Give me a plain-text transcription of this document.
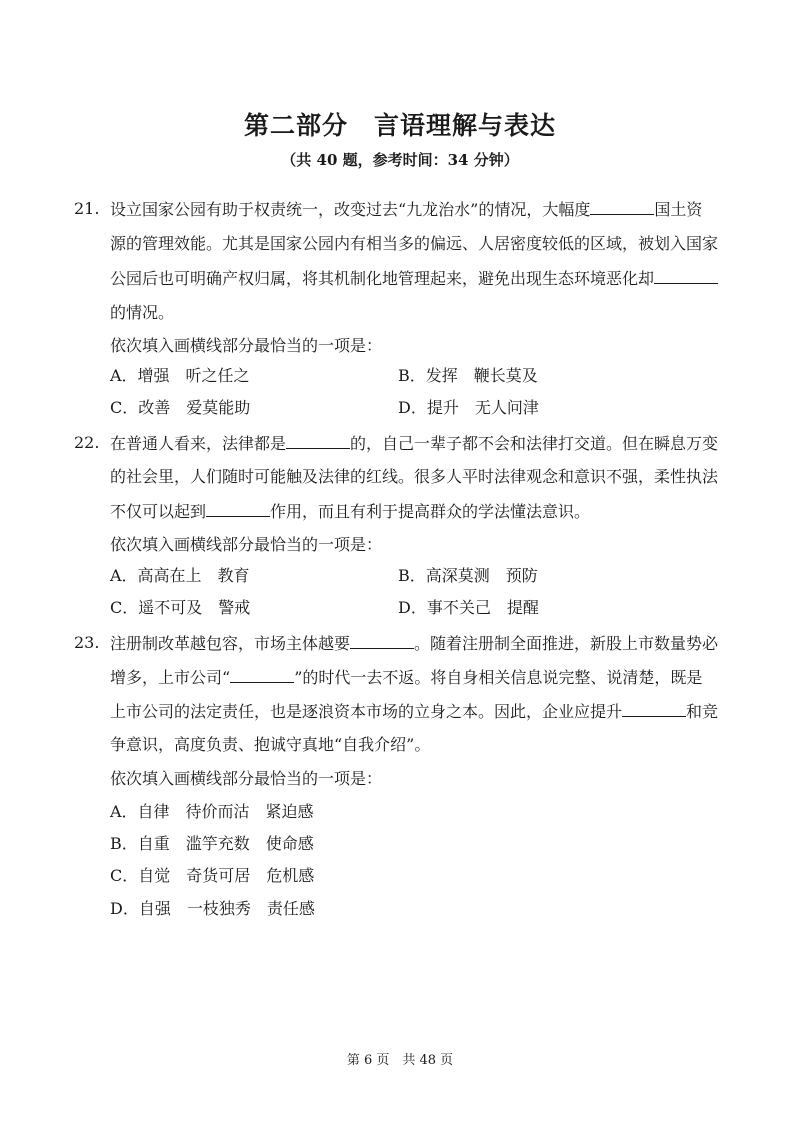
第二部分　言语理解与表达
（共 40 题，参考时间：34 分钟）
21. 设立国家公园有助于权责统一，改变过去“九龙治水”的情况，大幅度	国土资
源的管理效能。尤其是国家公园内有相当多的偏远、人居密度较低的区域，被划入国家
公园后也可明确产权归属，将其机制化地管理起来，避免出现生态环境恶化却
的情况。
依次填入画横线部分最恰当的一项是：
A．增强　听之任之	B．发挥　鞭长莫及
C．改善　爱莫能助	D．提升　无人问津
22. 在普通人看来，法律都是	的，自己一辈子都不会和法律打交道。但在瞬息万变
的社会里，人们随时可能触及法律的红线。很多人平时法律观念和意识不强，柔性执法
不仅可以起到	作用，而且有利于提高群众的学法懂法意识。
依次填入画横线部分最恰当的一项是：
A．高高在上　教育	B．高深莫测　预防
C．遥不可及　警戒	D．事不关己　提醒
23. 注册制改革越包容，市场主体越要	。随着注册制全面推进，新股上市数量势必
增多，上市公司“	”的时代一去不返。将自身相关信息说完整、说清楚，既是
上市公司的法定责任，也是逐浪资本市场的立身之本。因此，企业应提升	和竞
争意识，高度负责、抱诚守真地“自我介绍”。
依次填入画横线部分最恰当的一项是：
A．自律　待价而沽　紧迫感
B．自重　滥竽充数　使命感
C．自觉　奇货可居　危机感
D．自强　一枝独秀　责任感
第 6 页　共 48 页
